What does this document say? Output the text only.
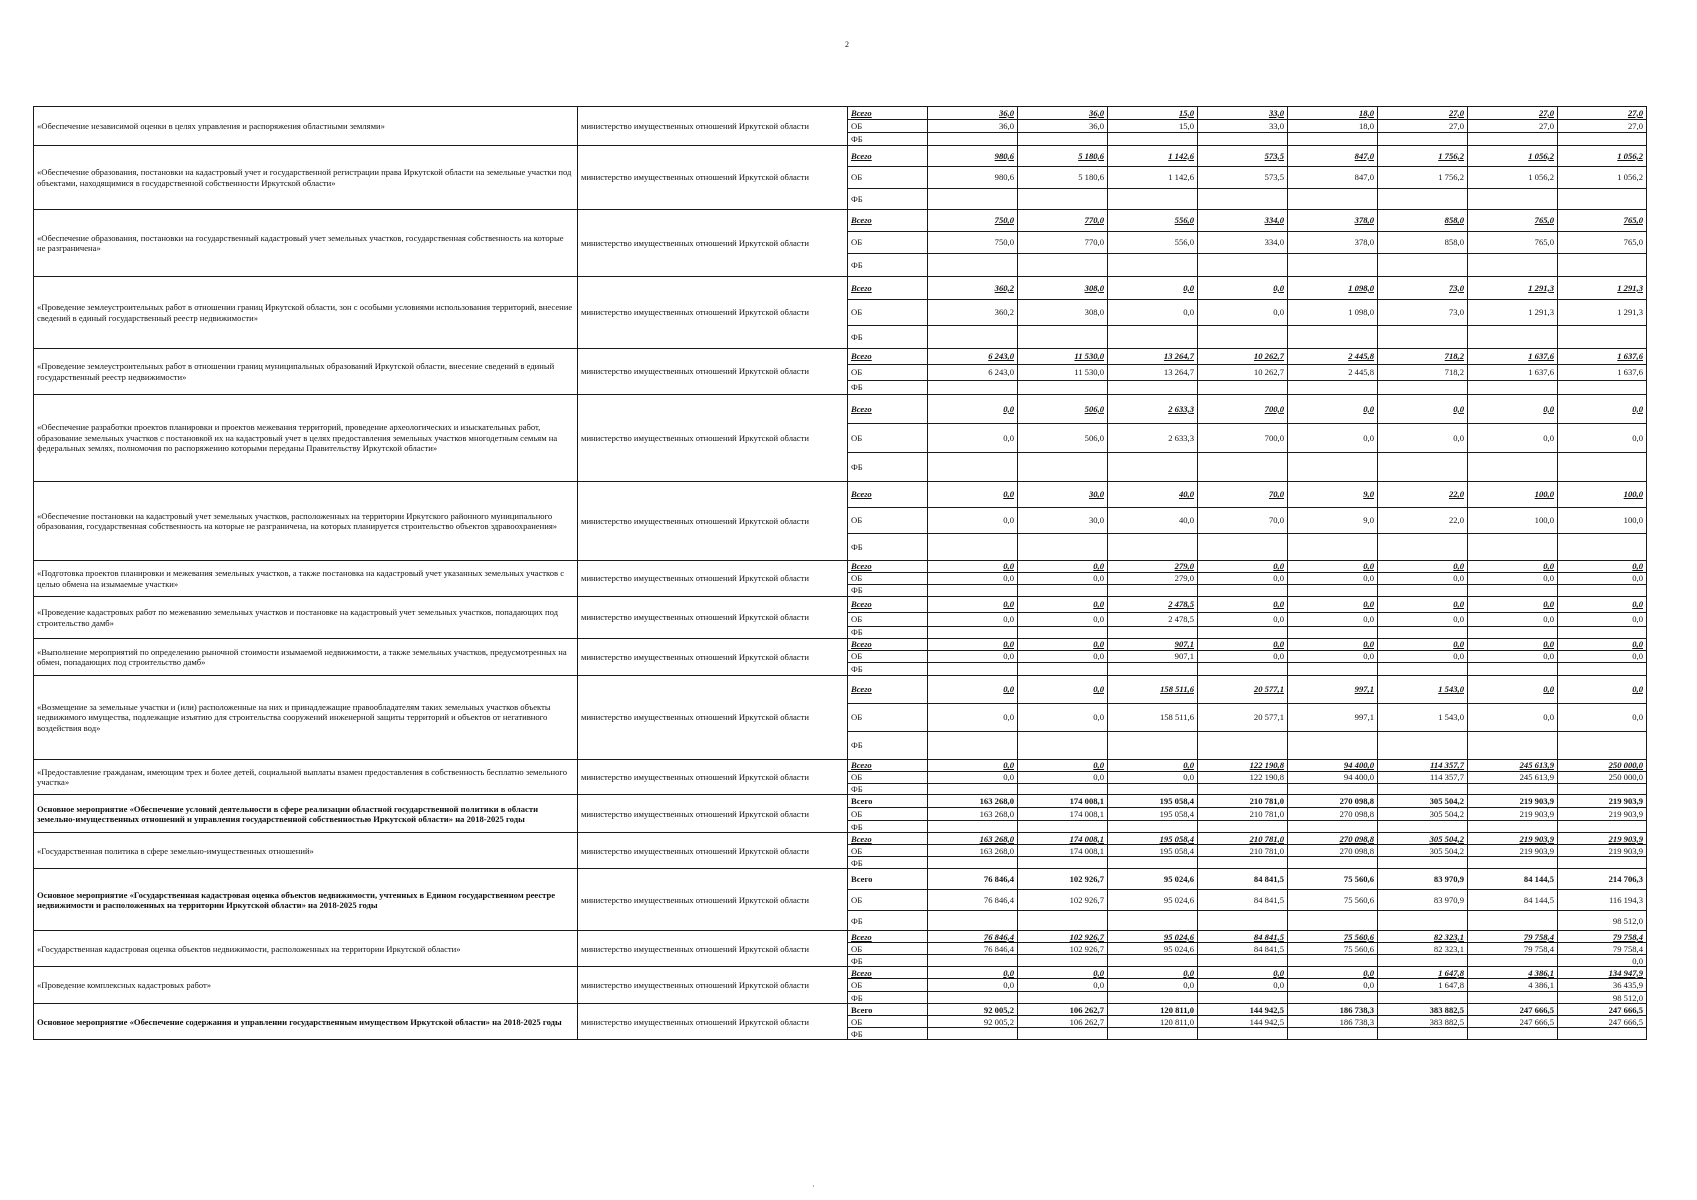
2
«Обеспечение независимой оценки в целях управления и распоряжения областными землями»	министерство имущественных отношений Иркутской области	Всего	36,0	36,0	15,0	33,0	18,0	27,0	27,0	27,0
		ОБ	36,0	36,0	15,0	33,0	18,0	27,0	27,0	27,0
		ФБ								
«Обеспечение образования, постановки на кадастровый учет и государственной регистрации права Иркутской области на земельные участки под объектами, находящимися в государственной собственности Иркутской области»	министерство имущественных отношений Иркутской области	Всего	980,6	5 180,6	1 142,6	573,5	847,0	1 756,2	1 056,2	1 056,2
		ОБ	980,6	5 180,6	1 142,6	573,5	847,0	1 756,2	1 056,2	1 056,2
		ФБ								
«Обеспечение образования, постановки на государственный кадастровый учет земельных участков, государственная собственность на которые не разграничена»	министерство имущественных отношений Иркутской области	Всего	750,0	770,0	556,0	334,0	378,0	858,0	765,0	765,0
		ОБ	750,0	770,0	556,0	334,0	378,0	858,0	765,0	765,0
		ФБ								
«Проведение землеустроительных работ в отношении границ Иркутской области, зон с особыми условиями использования территорий, внесение сведений в единый государственный реестр недвижимости»	министерство имущественных отношений Иркутской области	Всего	360,2	308,0	0,0	0,0	1 098,0	73,0	1 291,3	1 291,3
		ОБ	360,2	308,0	0,0	0,0	1 098,0	73,0	1 291,3	1 291,3
		ФБ								
«Проведение землеустроительных работ в отношении границ муниципальных образований Иркутской области, внесение сведений в единый государственный реестр недвижимости»	министерство имущественных отношений Иркутской области	Всего	6 243,0	11 530,0	13 264,7	10 262,7	2 445,8	718,2	1 637,6	1 637,6
		ОБ	6 243,0	11 530,0	13 264,7	10 262,7	2 445,8	718,2	1 637,6	1 637,6
		ФБ								
«Обеспечение разработки проектов планировки и проектов межевания территорий, проведение археологических и изыскательных работ, образование земельных участков с постановкой их на кадастровый учет в целях предоставления земельных участков многодетным семьям на федеральных землях, полномочия по распоряжению которыми переданы Правительству Иркутской области»	министерство имущественных отношений Иркутской области	Всего	0,0	506,0	2 633,3	700,0	0,0	0,0	0,0	0,0
		ОБ	0,0	506,0	2 633,3	700,0	0,0	0,0	0,0	0,0
		ФБ								
«Обеспечение постановки на кадастровый учет земельных участков, расположенных на территории Иркутского районного муниципального образования, государственная собственность на которые не разграничена, на которых планируется строительство объектов здравоохранения»	министерство имущественных отношений Иркутской области	Всего	0,0	30,0	40,0	70,0	9,0	22,0	100,0	100,0
		ОБ	0,0	30,0	40,0	70,0	9,0	22,0	100,0	100,0
		ФБ								
«Подготовка проектов планировки и межевания земельных участков, а также постановка на кадастровый учет указанных земельных участков с целью обмена на изымаемые участки»	министерство имущественных отношений Иркутской области	Всего	0,0	0,0	279,0	0,0	0,0	0,0	0,0	0,0
		ОБ	0,0	0,0	279,0	0,0	0,0	0,0	0,0	0,0
		ФБ								
«Проведение кадастровых работ по межеванию земельных участков и постановке на кадастровый учет земельных участков, попадающих под строительство дамб»	министерство имущественных отношений Иркутской области	Всего	0,0	0,0	2 478,5	0,0	0,0	0,0	0,0	0,0
		ОБ	0,0	0,0	2 478,5	0,0	0,0	0,0	0,0	0,0
		ФБ								
«Выполнение мероприятий по определению рыночной стоимости изымаемой недвижимости, а также земельных участков, предусмотренных на обмен, попадающих под строительство дамб»	министерство имущественных отношений Иркутской области	Всего	0,0	0,0	907,1	0,0	0,0	0,0	0,0	0,0
		ОБ	0,0	0,0	907,1	0,0	0,0	0,0	0,0	0,0
		ФБ								
«Возмещение за земельные участки и (или) расположенные на них и принадлежащие правообладателям таких земельных участков объекты недвижимого имущества, подлежащие изъятию для строительства сооружений инженерной защиты территорий и объектов от негативного воздействия вод»	министерство имущественных отношений Иркутской области	Всего	0,0	0,0	158 511,6	20 577,1	997,1	1 543,0	0,0	0,0
		ОБ	0,0	0,0	158 511,6	20 577,1	997,1	1 543,0	0,0	0,0
		ФБ								
«Предоставление гражданам, имеющим трех и более детей, социальной выплаты взамен предоставления в собственность бесплатно земельного участка»	министерство имущественных отношений Иркутской области	Всего	0,0	0,0	0,0	122 190,8	94 400,0	114 357,7	245 613,9	250 000,0
		ОБ	0,0	0,0	0,0	122 190,8	94 400,0	114 357,7	245 613,9	250 000,0
		ФБ								
Основное мероприятие «Обеспечение условий деятельности в сфере реализации областной государственной политики в области земельно-имущественных отношений и управления государственной собственностью Иркутской области» на 2018-2025 годы	министерство имущественных отношений Иркутской области	Всего	163 268,0	174 008,1	195 058,4	210 781,0	270 098,8	305 504,2	219 903,9	219 903,9
		ОБ	163 268,0	174 008,1	195 058,4	210 781,0	270 098,8	305 504,2	219 903,9	219 903,9
		ФБ								
«Государственная политика в сфере земельно-имущественных отношений»	министерство имущественных отношений Иркутской области	Всего	163 268,0	174 008,1	195 058,4	210 781,0	270 098,8	305 504,2	219 903,9	219 903,9
		ОБ	163 268,0	174 008,1	195 058,4	210 781,0	270 098,8	305 504,2	219 903,9	219 903,9
		ФБ								
Основное мероприятие «Государственная кадастровая оценка объектов недвижимости, учтенных в Едином государственном реестре недвижимости и расположенных на территории Иркутской области» на 2018-2025 годы	министерство имущественных отношений Иркутской области	Всего	76 846,4	102 926,7	95 024,6	84 841,5	75 560,6	83 970,9	84 144,5	214 706,3
		ОБ	76 846,4	102 926,7	95 024,6	84 841,5	75 560,6	83 970,9	84 144,5	116 194,3
		ФБ								98 512,0
«Государственная кадастровая оценка объектов недвижимости, расположенных на территории Иркутской области»	министерство имущественных отношений Иркутской области	Всего	76 846,4	102 926,7	95 024,6	84 841,5	75 560,6	82 323,1	79 758,4	79 758,4
		ОБ	76 846,4	102 926,7	95 024,6	84 841,5	75 560,6	82 323,1	79 758,4	79 758,4
		ФБ								0,0
«Проведение комплексных кадастровых работ»	министерство имущественных отношений Иркутской области	Всего	0,0	0,0	0,0	0,0	0,0	1 647,8	4 386,1	134 947,9
		ОБ	0,0	0,0	0,0	0,0	0,0	1 647,8	4 386,1	36 435,9
		ФБ								98 512,0
Основное мероприятие «Обеспечение содержания и управлении государственным имуществом Иркутской области» на 2018-2025 годы	министерство имущественных отношений Иркутской области	Всего	92 005,2	106 262,7	120 811,0	144 942,5	186 738,3	383 882,5	247 666,5	247 666,5
		ОБ	92 005,2	106 262,7	120 811,0	144 942,5	186 738,3	383 882,5	247 666,5	247 666,5
		ФБ								
·
